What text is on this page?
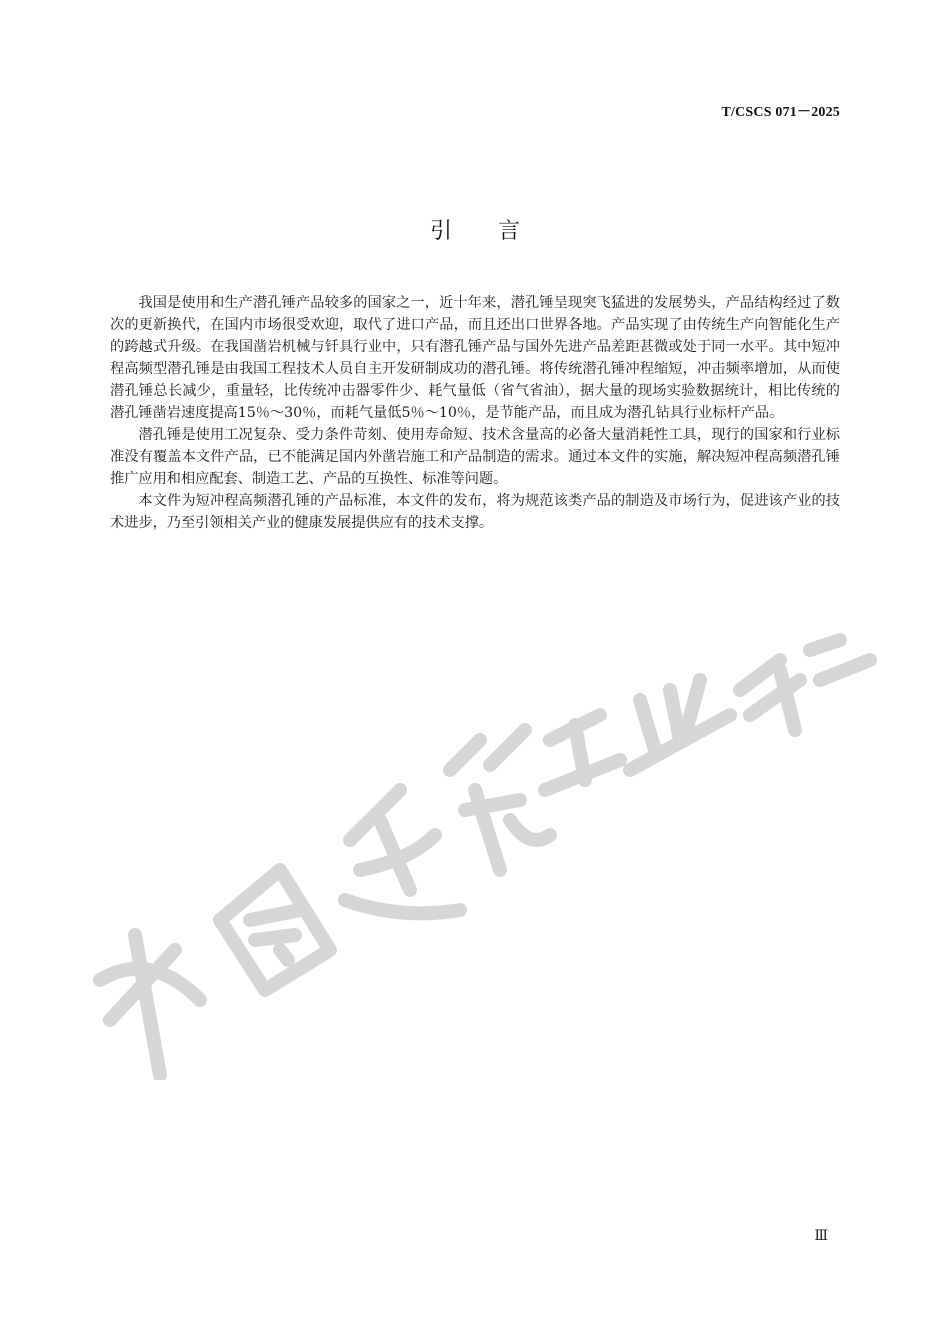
T/CSCS 071－2025
引言

我国是使用和生产潜孔锤产品较多的国家之一，近十年来，潜孔锤呈现突飞猛进的发展势头，产品结构经过了数次的更新换代，在国内市场很受欢迎，取代了进口产品，而且还出口世界各地。产品实现了由传统生产向智能化生产的跨越式升级。在我国凿岩机械与钎具行业中，只有潜孔锤产品与国外先进产品差距甚微或处于同一水平。其中短冲程高频型潜孔锤是由我国工程技术人员自主开发研制成功的潜孔锤。将传统潜孔锤冲程缩短，冲击频率增加，从而使潜孔锤总长减少，重量轻，比传统冲击器零件少、耗气量低（省气省油），据大量的现场实验数据统计，相比传统的潜孔锤凿岩速度提高15％～30％，而耗气量低5％～10％，是节能产品，而且成为潜孔钻具行业标杆产品。

潜孔锤是使用工况复杂、受力条件苛刻、使用寿命短、技术含量高的必备大量消耗性工具，现行的国家和行业标准没有覆盖本文件产品，已不能满足国内外凿岩施工和产品制造的需求。通过本文件的实施，解决短冲程高频潜孔锤推广应用和相应配套、制造工艺、产品的互换性、标准等问题。

本文件为短冲程高频潜孔锤的产品标准，本文件的发布，将为规范该类产品的制造及市场行为，促进该产业的技术进步，乃至引领相关产业的健康发展提供应有的技术支撑。

Ⅲ
